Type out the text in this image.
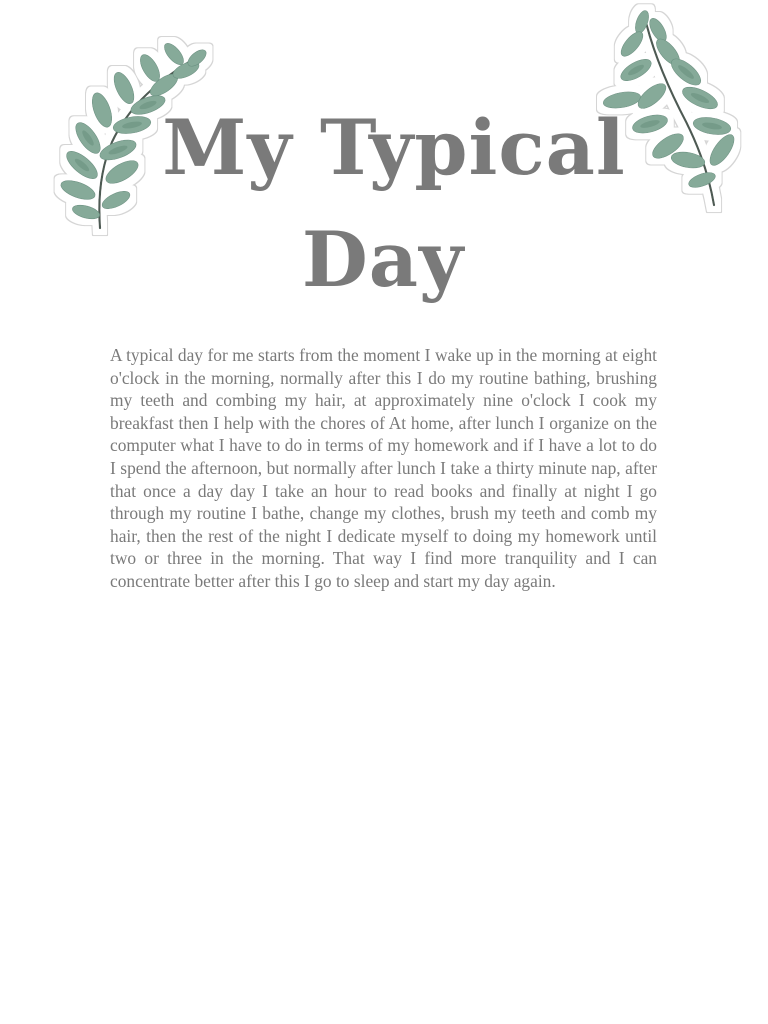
My Typical
Day

A typical day for me starts from the moment I wake up in the morning at eight o'clock in the morning, normally after this I do my routine bathing, brushing my teeth and combing my hair, at approximately nine o'clock I cook my breakfast then I help with the chores of At home, after lunch I organize on the computer what I have to do in terms of my homework and if I have a lot to do I spend the afternoon, but normally after lunch I take a thirty minute nap, after that once a day day I take an hour to read books and finally at night I go through my routine I bathe, change my clothes, brush my teeth and comb my hair, then the rest of the night I dedicate myself to doing my homework until two or three in the morning. That way I find more tranquility and I can concentrate better after this I go to sleep and start my day again.
